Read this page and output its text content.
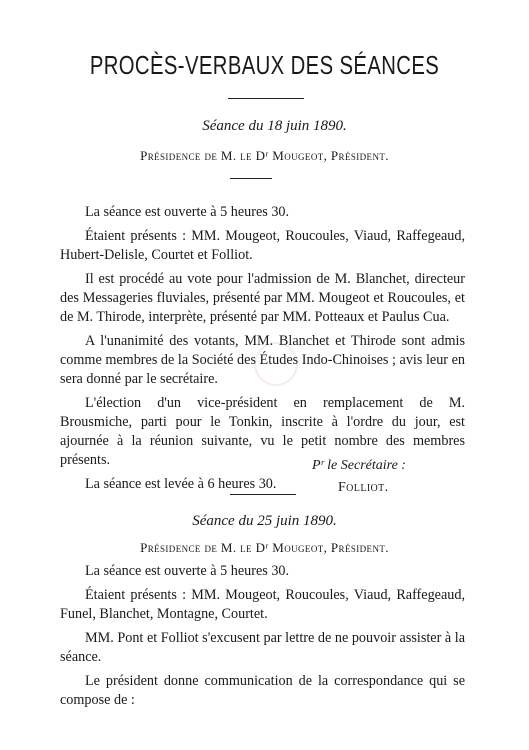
PROCÈS-VERBAUX DES SÉANCES
Séance du 18 juin 1890.
Présidence de M. le Dʳ Mougeot, Président.

La séance est ouverte à 5 heures 30.

Étaient présents : MM. Mougeot, Roucoules, Viaud, Raffegeaud, Hubert-Delisle, Courtet et Folliot.

Il est procédé au vote pour l'admission de M. Blanchet, directeur des Messageries fluviales, présenté par MM. Mougeot et Roucoules, et de M. Thirode, interprète, présenté par MM. Potteaux et Paulus Cua.

A l'unanimité des votants, MM. Blanchet et Thirode sont admis comme membres de la Société des Études Indo-Chinoises ; avis leur en sera donné par le secrétaire.

L'élection d'un vice-président en remplacement de M. Brousmiche, parti pour le Tonkin, inscrite à l'ordre du jour, est ajournée à la réunion suivante, vu le petit nombre des membres présents.

La séance est levée à 6 heures 30.

Pʳ le Secrétaire :
Folliot.
Séance du 25 juin 1890.
Présidence de M. le Dʳ Mougeot, Président.

La séance est ouverte à 5 heures 30.

Étaient présents : MM. Mougeot, Roucoules, Viaud, Raffegeaud, Funel, Blanchet, Montagne, Courtet.

MM. Pont et Folliot s'excusent par lettre de ne pouvoir assister à la séance.

Le président donne communication de la correspondance qui se compose de :
